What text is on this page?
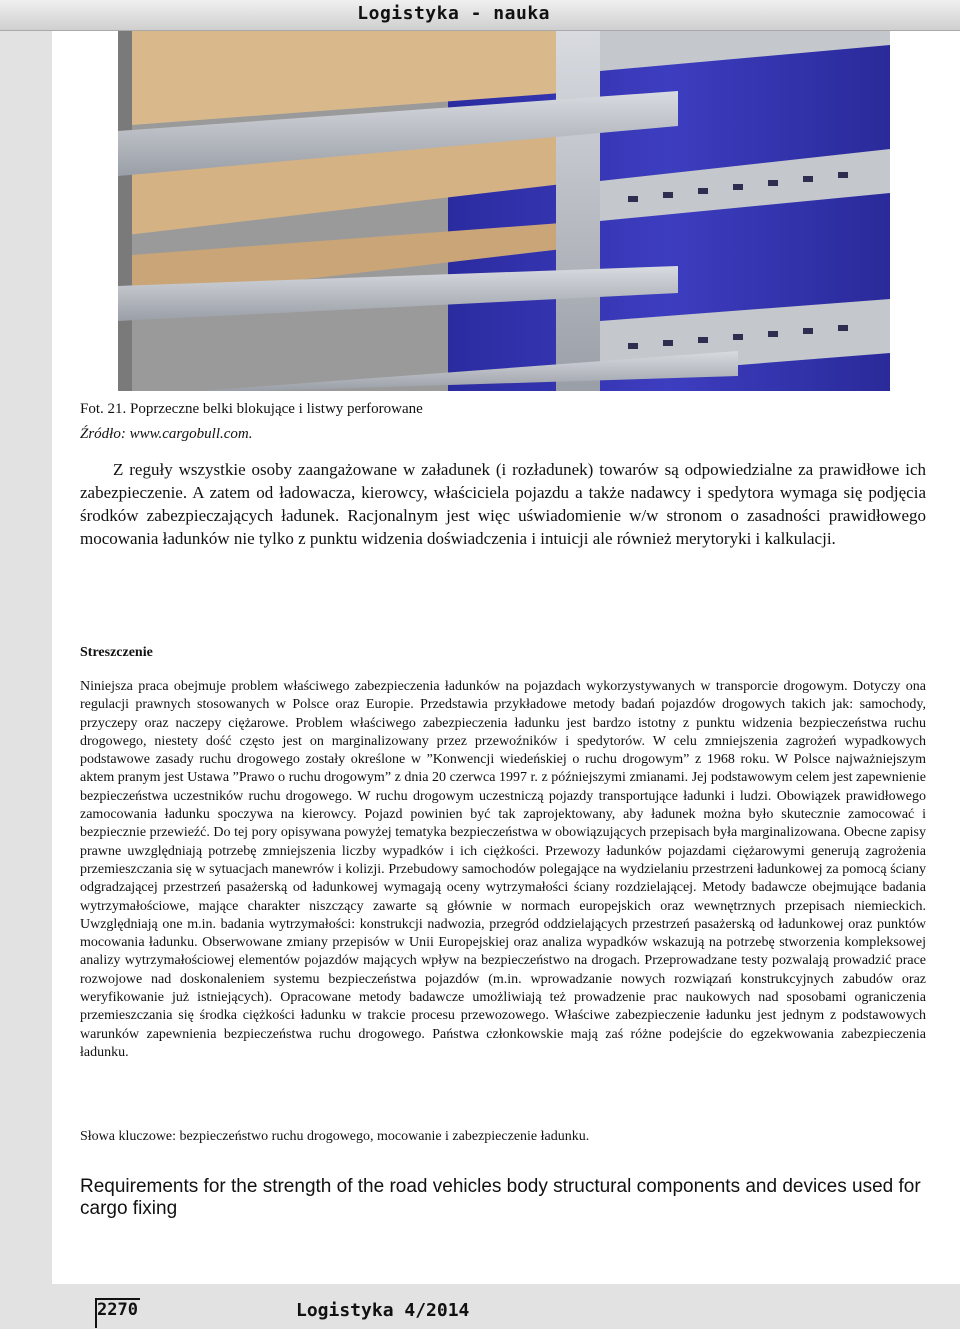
Logistyka - nauka
Fot. 21. Poprzeczne belki blokujące i listwy perforowane
Źródło: www.cargobull.com.

Z reguły wszystkie osoby zaangażowane w załadunek (i rozładunek) towarów są odpowiedzialne za prawidłowe ich zabezpieczenie. A zatem od ładowacza, kierowcy, właściciela pojazdu a także nadawcy i spedytora wymaga się podjęcia środków zabezpieczających ładunek. Racjonalnym jest więc uświadomienie w/w stronom o zasadności prawidłowego mocowania ładunków nie tylko z punktu widzenia doświadczenia i intuicji ale również merytoryki i kalkulacji.

Streszczenie

Niniejsza praca obejmuje problem właściwego zabezpieczenia ładunków na pojazdach wykorzystywanych w transporcie drogowym. Dotyczy ona regulacji prawnych stosowanych w Polsce oraz Europie. Przedstawia przykładowe metody badań pojazdów drogowych takich jak: samochody, przyczepy oraz naczepy ciężarowe. Problem właściwego zabezpieczenia ładunku jest bardzo istotny z punktu widzenia bezpieczeństwa ruchu drogowego, niestety dość często jest on marginalizowany przez przewoźników i spedytorów. W celu zmniejszenia zagrożeń wypadkowych podstawowe zasady ruchu drogowego zostały określone w ”Konwencji wiedeńskiej o ruchu drogowym” z 1968 roku. W Polsce najważniejszym aktem pranym jest Ustawa ”Prawo o ruchu drogowym” z dnia 20 czerwca 1997 r. z późniejszymi zmianami. Jej podstawowym celem jest zapewnienie bezpieczeństwa uczestników ruchu drogowego. W ruchu drogowym uczestniczą pojazdy transportujące ładunki i ludzi. Obowiązek prawidłowego zamocowania ładunku spoczywa na kierowcy. Pojazd powinien być tak zaprojektowany, aby ładunek można było skutecznie zamocować i bezpiecznie przewieźć. Do tej pory opisywana powyżej tematyka bezpieczeństwa w obowiązujących przepisach była marginalizowana. Obecne zapisy prawne uwzględniają potrzebę zmniejszenia liczby wypadków i ich ciężkości. Przewozy ładunków pojazdami ciężarowymi generują zagrożenia przemieszczania się w sytuacjach manewrów i kolizji. Przebudowy samochodów polegające na wydzielaniu przestrzeni ładunkowej za pomocą ściany odgradzającej przestrzeń pasażerską od ładunkowej wymagają oceny wytrzymałości ściany rozdzielającej. Metody badawcze obejmujące badania wytrzymałościowe, mające charakter niszczący zawarte są głównie w normach europejskich oraz wewnętrznych przepisach niemieckich. Uwzględniają one m.in. badania wytrzymałości: konstrukcji nadwozia, przegród oddzielających przestrzeń pasażerską od ładunkowej oraz punktów mocowania ładunku. Obserwowane zmiany przepisów w Unii Europejskiej oraz analiza wypadków wskazują na potrzebę stworzenia kompleksowej analizy wytrzymałościowej elementów pojazdów mających wpływ na bezpieczeństwo na drogach. Przeprowadzane testy pozwalają prowadzić prace rozwojowe nad doskonaleniem systemu bezpieczeństwa pojazdów (m.in. wprowadzanie nowych rozwiązań konstrukcyjnych zabudów oraz weryfikowanie już istniejących). Opracowane metody badawcze umożliwiają też prowadzenie prac naukowych nad sposobami ograniczenia przemieszczania się środka ciężkości ładunku w trakcie procesu przewozowego. Właściwe zabezpieczenie ładunku jest jednym z podstawowych warunków zapewnienia bezpieczeństwa ruchu drogowego. Państwa członkowskie mają zaś różne podejście do egzekwowania zabezpieczenia ładunku.

Słowa kluczowe: bezpieczeństwo ruchu drogowego, mocowanie i zabezpieczenie ładunku.

Requirements for the strength of the road vehicles body structural components and devices used for cargo fixing

2270	Logistyka 4/2014
